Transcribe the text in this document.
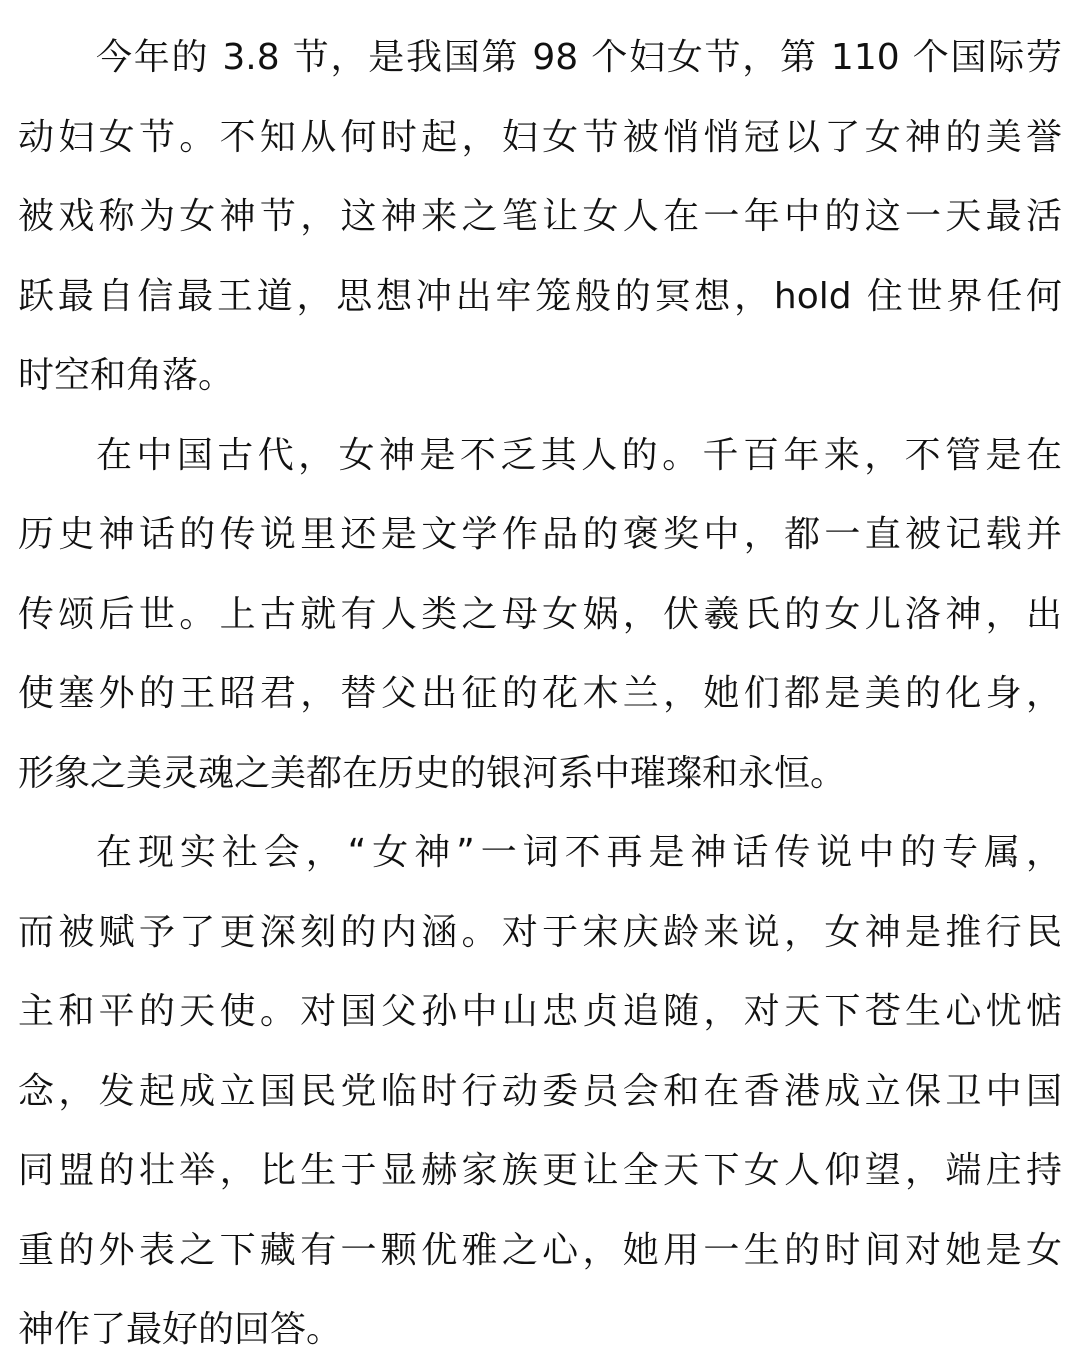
今年的 3.8 节，是我国第 98 个妇女节，第 110 个国际劳
动妇女节。不知从何时起，妇女节被悄悄冠以了女神的美誉
被戏称为女神节，这神来之笔让女人在一年中的这一天最活
跃最自信最王道，思想冲出牢笼般的冥想，hold 住世界任何
时空和角落。
在中国古代，女神是不乏其人的。千百年来，不管是在
历史神话的传说里还是文学作品的褒奖中，都一直被记载并
传颂后世。上古就有人类之母女娲，伏羲氏的女儿洛神，出
使塞外的王昭君，替父出征的花木兰，她们都是美的化身，
形象之美灵魂之美都在历史的银河系中璀璨和永恒。
在现实社会，“女神”一词不再是神话传说中的专属，
而被赋予了更深刻的内涵。对于宋庆龄来说，女神是推行民
主和平的天使。对国父孙中山忠贞追随，对天下苍生心忧惦
念，发起成立国民党临时行动委员会和在香港成立保卫中国
同盟的壮举，比生于显赫家族更让全天下女人仰望，端庄持
重的外表之下藏有一颗优雅之心，她用一生的时间对她是女
神作了最好的回答。
